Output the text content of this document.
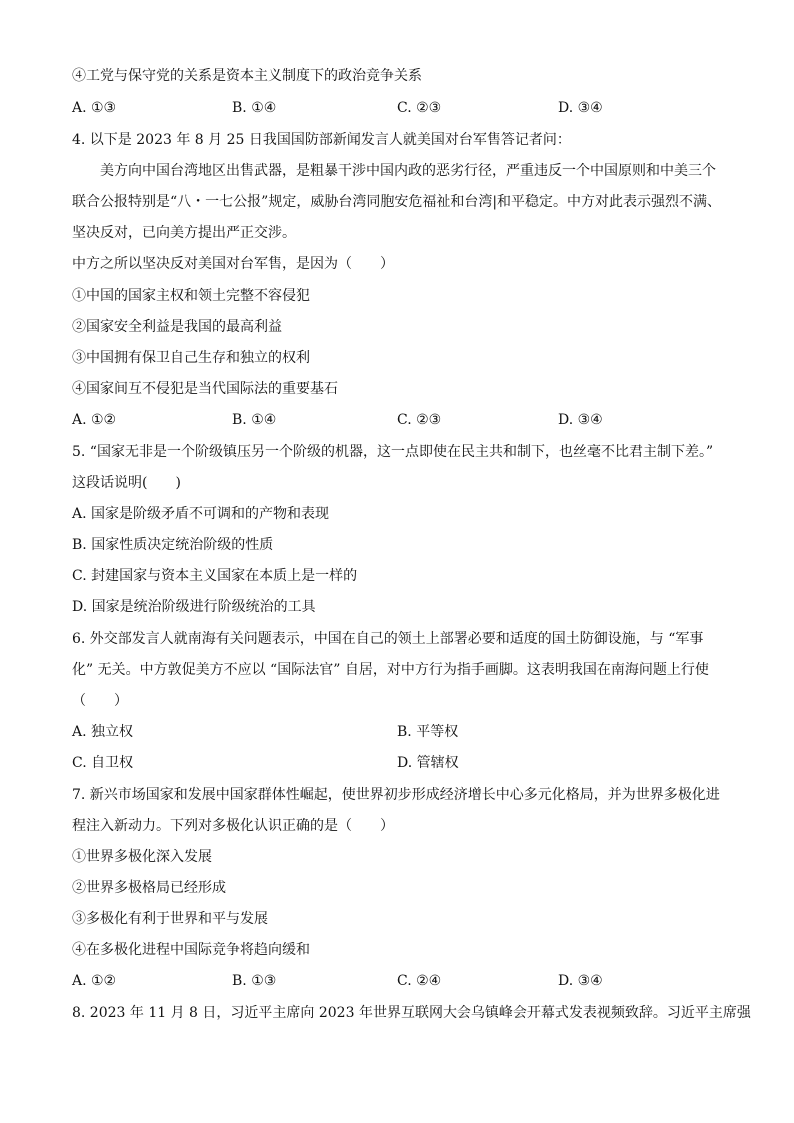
④工党与保守党的关系是资本主义制度下的政治竞争关系
A. ①③	B. ①④	C. ②③	D. ③④
4. 以下是 2023 年 8 月 25 日我国国防部新闻发言人就美国对台军售答记者问：
美方向中国台湾地区出售武器，是粗暴干涉中国内政的恶劣行径，严重违反一个中国原则和中美三个
联合公报特别是“八・一七公报”规定，威胁台湾同胞安危福祉和台湾|和平稳定。中方对此表示强烈不满、
坚决反对，已向美方提出严正交涉。
中方之所以坚决反对美国对台军售，是因为（　　）
①中国的国家主权和领土完整不容侵犯
②国家安全利益是我国的最高利益
③中国拥有保卫自己生存和独立的权利
④国家间互不侵犯是当代国际法的重要基石
A. ①②	B. ①④	C. ②③	D. ③④
5. “国家无非是一个阶级镇压另一个阶级的机器，这一点即使在民主共和制下，也丝毫不比君主制下差。”
这段话说明(　　)
A. 国家是阶级矛盾不可调和的产物和表现
B. 国家性质决定统治阶级的性质
C. 封建国家与资本主义国家在本质上是一样的
D. 国家是统治阶级进行阶级统治的工具
6. 外交部发言人就南海有关问题表示，中国在自己的领土上部署必要和适度的国土防御设施，与 “军事
化” 无关。中方敦促美方不应以 “国际法官” 自居，对中方行为指手画脚。这表明我国在南海问题上行使
（　　）
A. 独立权	B. 平等权
C. 自卫权	D. 管辖权
7. 新兴市场国家和发展中国家群体性崛起，使世界初步形成经济增长中心多元化格局，并为世界多极化进
程注入新动力。下列对多极化认识正确的是（　　）
①世界多极化深入发展
②世界多极格局已经形成
③多极化有利于世界和平与发展
④在多极化进程中国际竞争将趋向缓和
A. ①②	B. ①③	C. ②④	D. ③④
8. 2023 年 11 月 8 日，习近平主席向 2023 年世界互联网大会乌镇峰会开幕式发表视频致辞。习近平主席强
